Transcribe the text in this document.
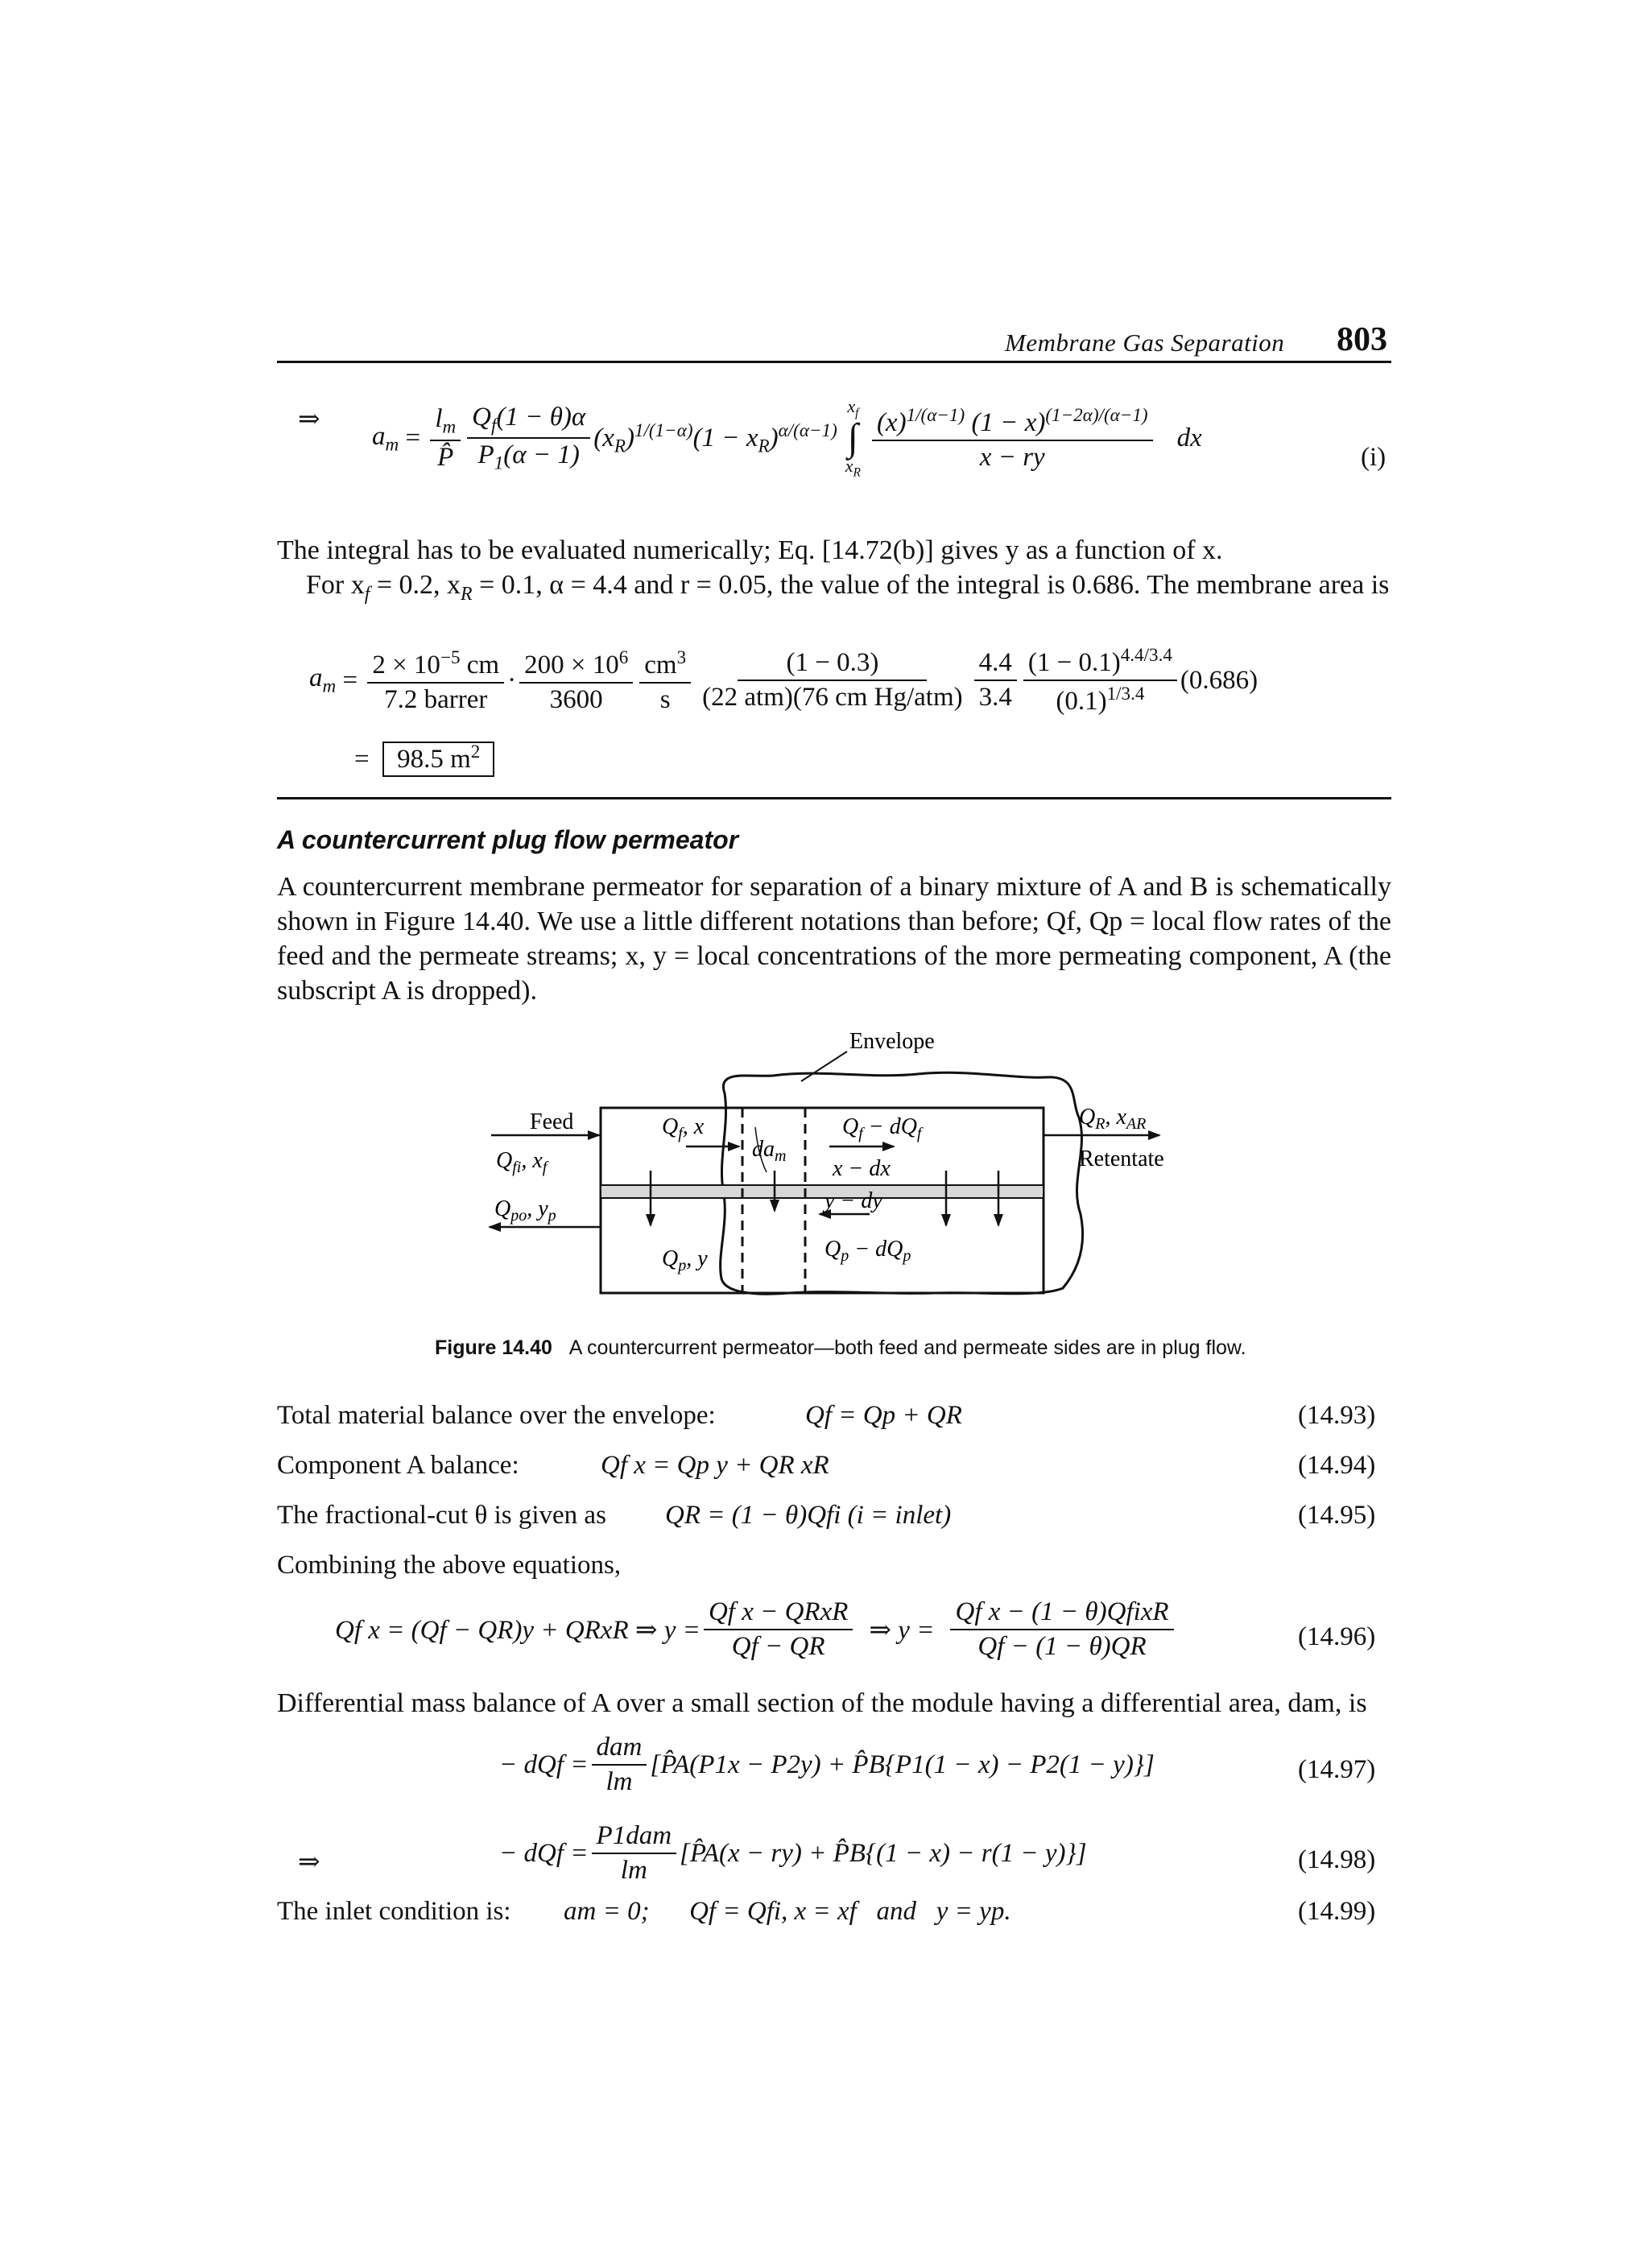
Membrane Gas Separation 803
⇒
$a_m = \frac{l_m}{P̂} \frac{Q_f(1 - \theta)\alpha}{P_1(\alpha - 1)} (x_R)^{1/(1-\alpha)}$ $(1 - x_R)^{\alpha/(\alpha-1)}$
$x_f$
∫
$x_R$
$\frac{(x)^{1/(\alpha-1)} (1 - x)^{(1-2\alpha)/(\alpha-1)}}{x - ry}$ dx
(i)
The integral has to be evaluated numerically; Eq. [14.72(b)] gives y as a function of x.
For $x_f = 0.2$, $x_R = 0.1$, α = 4.4 and r = 0.05, the value of the integral is 0.686. The membrane area is
$a_m = \frac{2 \times 10^{-5} cm}{\text{7.2 barrer}} \cdot \frac{200 \times 10^6}{3600} \frac{cm^3}{s} \frac{(1 - 0.3)}{\text{(22 atm)(76 cm Hg/atm)}} \frac{4.4}{3.4} \frac{(1 - 0.1)^{4.4/3.4}}{(0.1)^{1/3.4}} (0.686)$
=  98.5 $m^2$
A countercurrent plug flow permeator
A countercurrent membrane permeator for separation of a binary mixture of A and B is schematically shown in Figure 14.40. We use a little different notations than before; Qf, Qp = local flow rates of the feed and the permeate streams; x, y = local concentrations of the more permeating component, A (the subscript A is dropped).
Envelope
Feed
$Q_{fi}$, $x_f$
$Q_{po}$, $y_p$
$Q_f$, x
$da_m$
$Q_f - dQ_f$
x − dx
y − dy
$Q_p$, y	$Q_p - dQ_p$
$Q_R$, $x_{AR}$
Retentate
Figure 14.40 A countercurrent permeator—both feed and permeate sides are in plug flow.
Total material balance over the envelope:	Qf = Qp + QR	(14.93)
Component A balance:	Qf x = Qp y + QR xR	(14.94)
The fractional-cut θ is given as QR = (1 − θ)Qfi (i = inlet)	(14.95)
Combining the above equations,
Qf x = (Qf − QR)y + QRxR ⇒ $y = \frac{\text{Qf x − QRxR}}{Qf - QR}$ ⇒ $y = \frac{\text{Qf x − (1 − θ)QfixR}}{Qf - (1 - \theta)QR}$	(14.96)
Differential mass balance of A over a small section of the module having a differential area, dam, is
− dQf = $\frac{\text{dam}}{lm}$ [P̂A(P1x − P2y) + P̂B{P1(1 − x) − P2(1 − y)}]	(14.97)
⇒	− dQf = $\frac{\text{P1dam}}{lm}$ [P̂A(x − ry) + P̂B{(1 − x) − r(1 − y)}]	(14.98)
The inlet condition is: am = 0;      Qf = Qfi, x = xf   and   y = yp.	(14.99)
